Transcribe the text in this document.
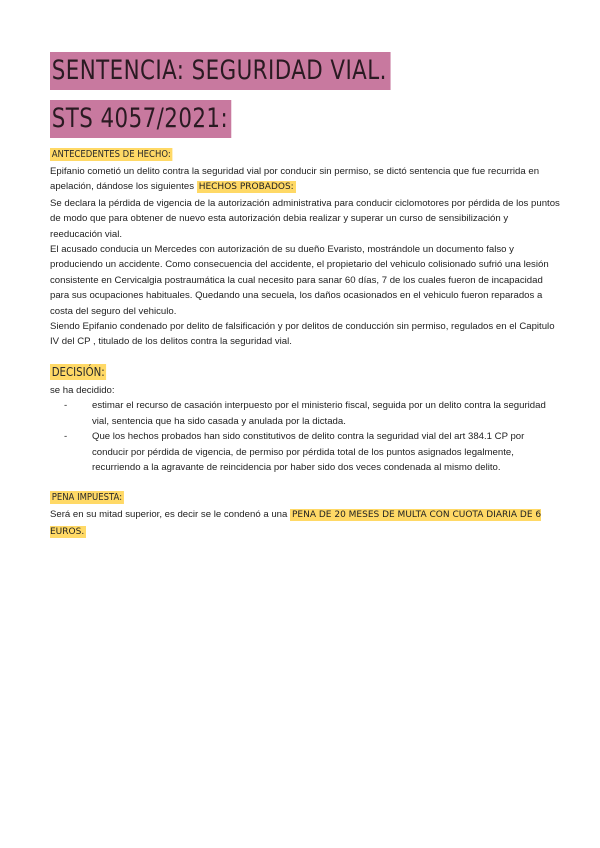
SENTENCIA: SEGURIDAD VIAL.
STS 4057/2021:
ANTECEDENTES DE HECHO:

Epifanio cometió un delito contra la seguridad vial por conducir sin permiso, se dictó sentencia que fue recurrida en apelación, dándose los siguientes HECHOS PROBADOS:

Se declara la pérdida de vigencia de la autorización administrativa para conducir ciclomotores por pérdida de los puntos de modo que para obtener de nuevo esta autorización debia realizar y superar un curso de sensibilización y reeducación vial.

El acusado conducia un Mercedes con autorización de su dueño Evaristo, mostrándole un documento falso y produciendo un accidente. Como consecuencia del accidente, el propietario del vehiculo colisionado sufrió una lesión consistente en Cervicalgia postraumática la cual necesito para sanar 60 días, 7 de los cuales fueron de incapacidad para sus ocupaciones habituales. Quedando una secuela, los daños ocasionados en el vehiculo fueron reparados a costa del seguro del vehiculo.

Siendo Epifanio condenado por delito de falsificación y por delitos de conducción sin permiso, regulados en el Capitulo IV del CP , titulado de los delitos contra la seguridad vial.

DECISIÓN:

se ha decidido:

-	estimar el recurso de casación interpuesto por el ministerio fiscal, seguida por un delito contra la seguridad vial, sentencia que ha sido casada y anulada por la dictada.
-	Que los hechos probados han sido constitutivos de delito contra la seguridad vial del art 384.1 CP por conducir por pérdida de vigencia, de permiso por pérdida total de los puntos asignados legalmente, recurriendo a la agravante de reincidencia por haber sido dos veces condenada al mismo delito.
PENA IMPUESTA:

Será en su mitad superior, es decir se le condenó a una PENA DE 20 MESES DE MULTA CON CUOTA DIARIA DE 6 EUROS.
